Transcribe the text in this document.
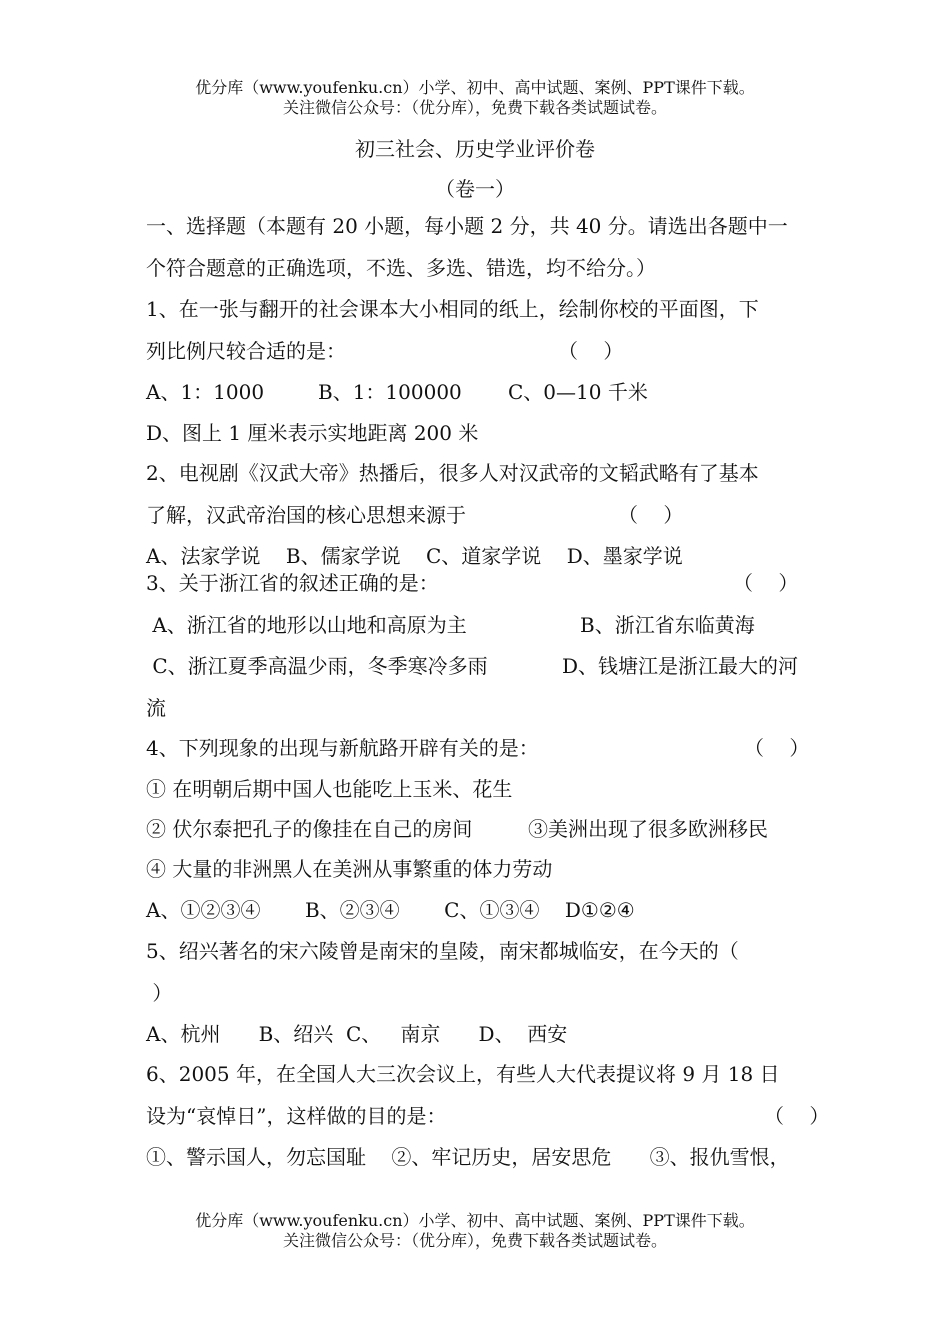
优分库（www.youfenku.cn）小学、初中、高中试题、案例、PPT课件下载。
关注微信公众号：（优分库），免费下载各类试题试卷。
初三社会、历史学业评价卷
（卷一）
一、选择题（本题有 20 小题，每小题 2 分，共 40 分。请选出各题中一
个符合题意的正确选项，不选、多选、错选，均不给分。）
1、在一张与翻开的社会课本大小相同的纸上，绘制你校的平面图，下
列比例尺较合适的是：	（    ）
A、1：1000	B、1：100000 C、0—10 千米
D、图上 1 厘米表示实地距离 200 米
2、电视剧《汉武大帝》热播后，很多人对汉武帝的文韬武略有了基本
了解，汉武帝治国的核心思想来源于	（    ）
A、法家学说    B、儒家学说    C、道家学说    D、墨家学说
3、关于浙江省的叙述正确的是：	（    ）
A、浙江省的地形以山地和高原为主	B、浙江省东临黄海
C、浙江夏季高温少雨，冬季寒冷多雨	D、钱塘江是浙江最大的河
流
4、下列现象的出现与新航路开辟有关的是：	（    ）
① 在明朝后期中国人也能吃上玉米、花生
② 伏尔泰把孔子的像挂在自己的房间	③美洲出现了很多欧洲移民
④ 大量的非洲黑人在美洲从事繁重的体力劳动
A、①②③④       B、②③④       C、①③④    D①②④
5、绍兴著名的宋六陵曾是南宋的皇陵，南宋都城临安，在今天的（
）
A、杭州      B、绍兴  C、   南京      D、  西安
6、2005 年，在全国人大三次会议上，有些人大代表提议将 9 月 18 日
设为“哀悼日”，这样做的目的是：	（    ）
①、警示国人，勿忘国耻    ②、牢记历史，居安思危      ③、报仇雪恨，
优分库（www.youfenku.cn）小学、初中、高中试题、案例、PPT课件下载。
关注微信公众号：（优分库），免费下载各类试题试卷。
